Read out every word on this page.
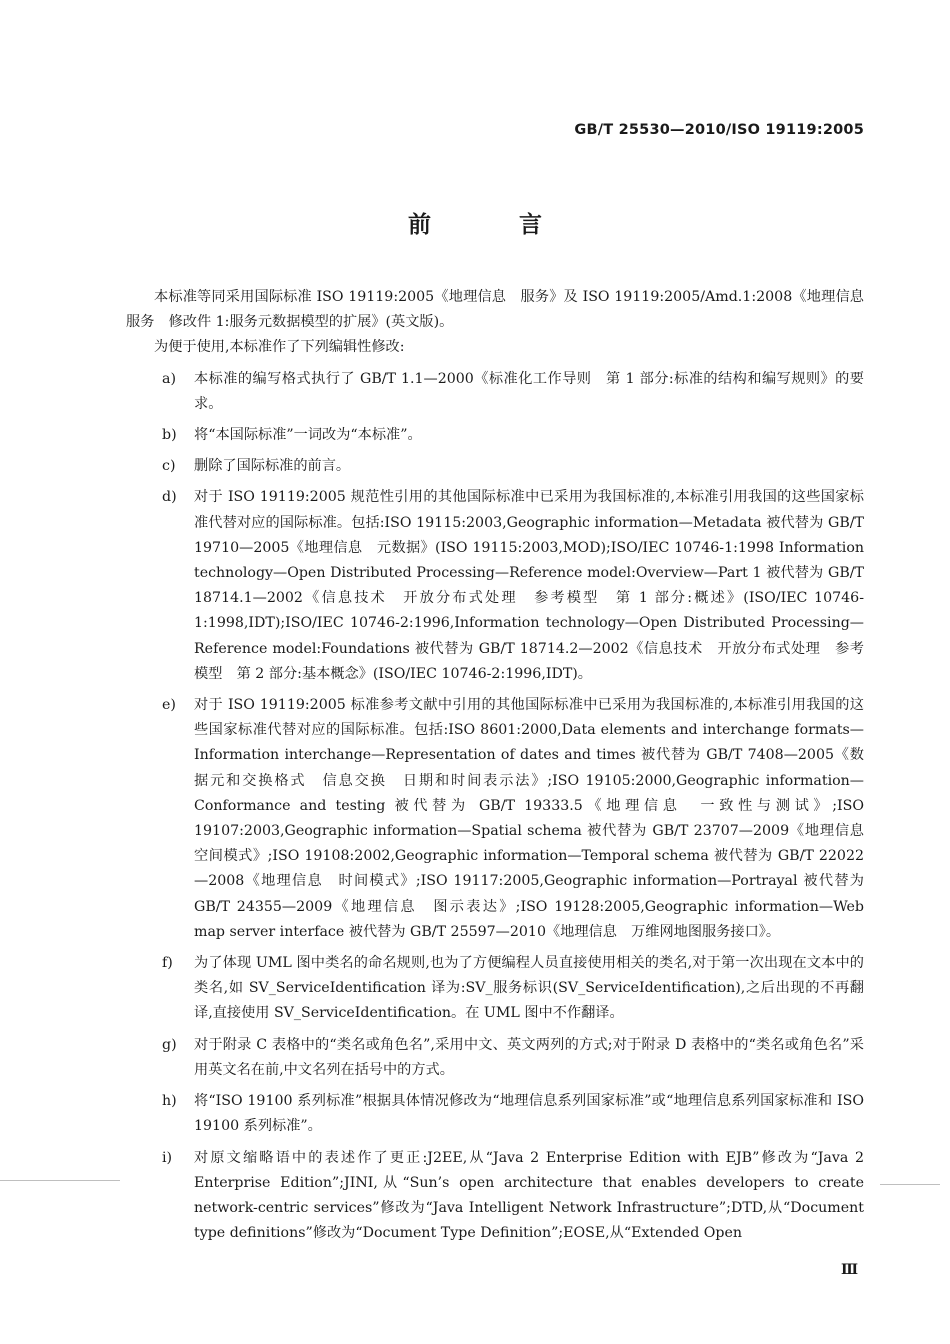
GB/T 25530—2010/ISO 19119:2005
前 言

本标准等同采用国际标准 ISO 19119:2005《地理信息　服务》及 ISO 19119:2005/Amd.1:2008《地理信息　服务　修改件 1:服务元数据模型的扩展》(英文版)。

为便于使用,本标准作了下列编辑性修改:

a)	本标准的编写格式执行了 GB/T 1.1—2000《标准化工作导则　第 1 部分:标准的结构和编写规则》的要求。
b)	将“本国际标准”一词改为“本标准”。
c)	删除了国际标准的前言。
d)	对于 ISO 19119:2005 规范性引用的其他国际标准中已采用为我国标准的,本标准引用我国的这些国家标准代替对应的国际标准。包括:ISO 19115:2003,Geographic information—Metadata 被代替为 GB/T 19710—2005《地理信息　元数据》(ISO 19115:2003,MOD);ISO/IEC 10746-1:1998 Information technology—Open Distributed Processing—Reference model:Overview—Part 1 被代替为 GB/T 18714.1—2002《信息技术　开放分布式处理　参考模型　第 1 部分:概述》(ISO/IEC 10746-1:1998,IDT);ISO/IEC 10746-2:1996,Information technology—Open Distributed Processing—Reference model:Foundations 被代替为 GB/T 18714.2—2002《信息技术　开放分布式处理　参考模型　第 2 部分:基本概念》(ISO/IEC 10746-2:1996,IDT)。
e)	对于 ISO 19119:2005 标准参考文献中引用的其他国际标准中已采用为我国标准的,本标准引用我国的这些国家标准代替对应的国际标准。包括:ISO 8601:2000,Data elements and interchange formats—Information interchange—Representation of dates and times 被代替为 GB/T 7408—2005《数据元和交换格式　信息交换　日期和时间表示法》;ISO 19105:2000,Geographic information—Conformance and testing 被代替为 GB/T 19333.5《地理信息　一致性与测试》;ISO 19107:2003,Geographic information—Spatial schema 被代替为 GB/T 23707—2009《地理信息　空间模式》;ISO 19108:2002,Geographic information—Temporal schema 被代替为 GB/T 22022—2008《地理信息　时间模式》;ISO 19117:2005,Geographic information—Portrayal 被代替为 GB/T 24355—2009《地理信息　图示表达》;ISO 19128:2005,Geographic information—Web map server interface 被代替为 GB/T 25597—2010《地理信息　万维网地图服务接口》。
f)	为了体现 UML 图中类名的命名规则,也为了方便编程人员直接使用相关的类名,对于第一次出现在文本中的类名,如 SV_ServiceIdentification 译为:SV_服务标识(SV_ServiceIdentification),之后出现的不再翻译,直接使用 SV_ServiceIdentification。在 UML 图中不作翻译。
g)	对于附录 C 表格中的“类名或角色名”,采用中文、英文两列的方式;对于附录 D 表格中的“类名或角色名”采用英文名在前,中文名列在括号中的方式。
h)	将“ISO 19100 系列标准”根据具体情况修改为“地理信息系列国家标准”或“地理信息系列国家标准和 ISO 19100 系列标准”。
i)	对原文缩略语中的表述作了更正:J2EE,从“Java 2 Enterprise Edition with EJB”修改为“Java 2 Enterprise Edition”;JINI,从“Sun’s open architecture that enables developers to create network-centric services”修改为“Java Intelligent Network Infrastructure”;DTD,从“Document type definitions”修改为“Document Type Definition”;EOSE,从“Extended Open
Ⅲ
